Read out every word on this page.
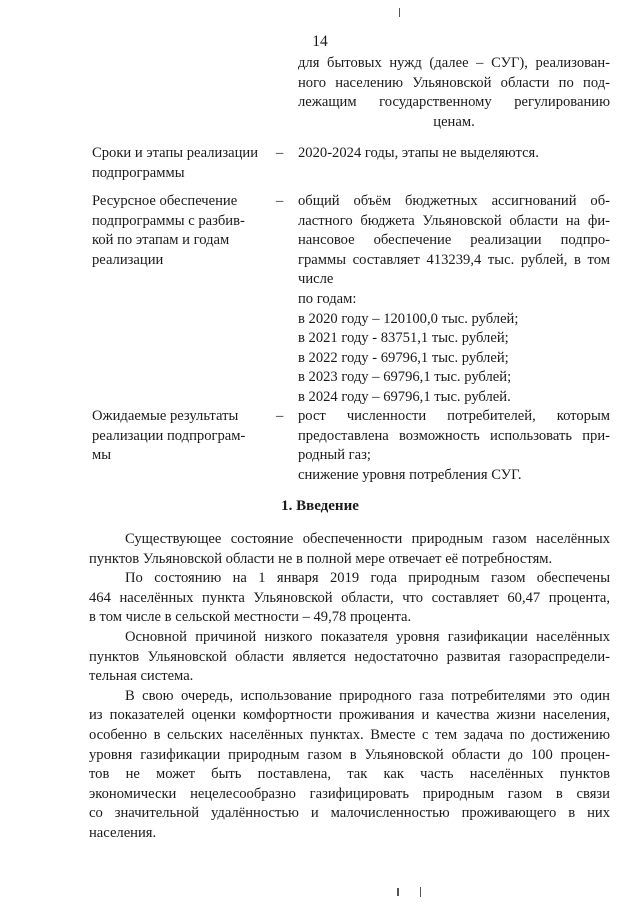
14
для бытовых нужд (далее – СУГ), реализован-
ного населению Ульяновской области по под-
лежащим государственному регулированию
ценам.
Сроки и этапы реализации
подпрограммы
– 2020-2024 годы, этапы не выделяются.
Ресурсное обеспечение
подпрограммы с разбив-
кой по этапам и годам
реализации
– общий объём бюджетных ассигнований об-
ластного бюджета Ульяновской области на фи-
нансовое обеспечение реализации подпро-
граммы составляет 413239,4 тыс. рублей, в том
числе
по годам:
в 2020 году – 120100,0 тыс. рублей;
в 2021 году - 83751,1 тыс. рублей;
в 2022 году - 69796,1 тыс. рублей;
в 2023 году – 69796,1 тыс. рублей;
в 2024 году – 69796,1 тыс. рублей.
Ожидаемые результаты
реализации подпрограм-
мы
– рост численности потребителей, которым
предоставлена возможность использовать при-
родный газ;
снижение уровня потребления СУГ.
1. Введение
Существующее состояние обеспеченности природным газом населённых
пунктов Ульяновской области не в полной мере отвечает её потребностям.
По состоянию на 1 января 2019 года природным газом обеспечены
464 населённых пункта Ульяновской области, что составляет 60,47 процента,
в том числе в сельской местности – 49,78 процента.
Основной причиной низкого показателя уровня газификации населённых
пунктов Ульяновской области является недостаточно развитая газораспредели-
тельная система.
В свою очередь, использование природного газа потребителями это один
из показателей оценки комфортности проживания и качества жизни населения,
особенно в сельских населённых пунктах. Вместе с тем задача по достижению
уровня газификации природным газом в Ульяновской области до 100 процен-
тов не может быть поставлена, так как часть населённых пунктов
экономически нецелесообразно газифицировать природным газом в связи
со значительной удалённостью и малочисленностью проживающего в них
населения.
